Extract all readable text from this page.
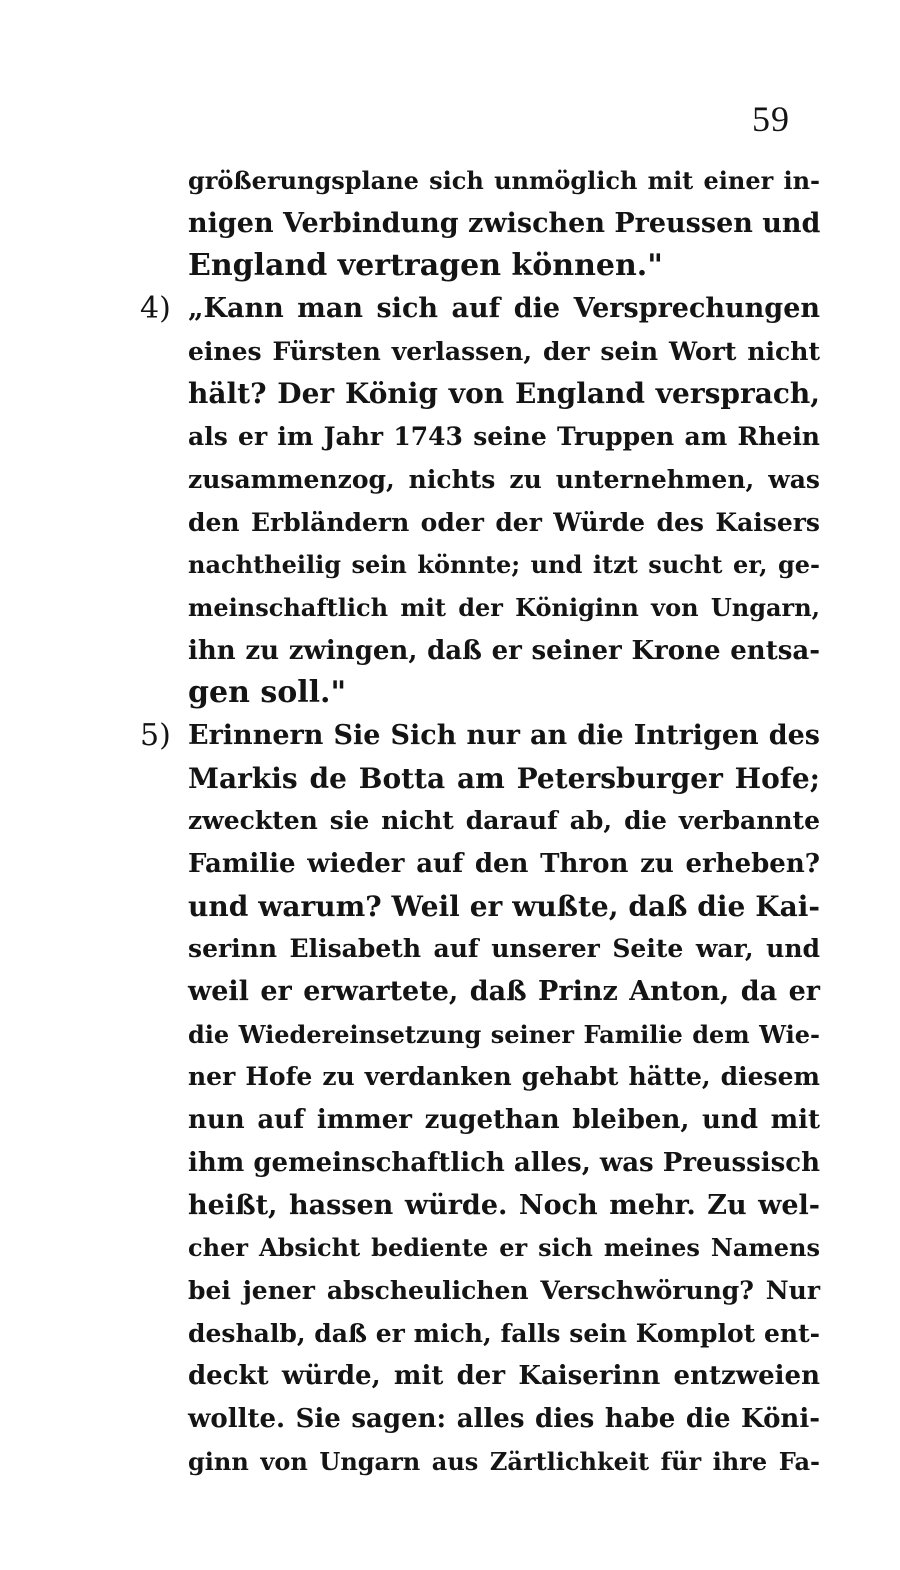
59
größerungsplane sich unmöglich mit einer in-
nigen Verbindung zwischen Preussen und
England vertragen können."
4) „Kann man sich auf die Versprechungen
eines Fürsten verlassen, der sein Wort nicht
hält? Der König von England versprach,
als er im Jahr 1743 seine Truppen am Rhein
zusammenzog, nichts zu unternehmen, was
den Erbländern oder der Würde des Kaisers
nachtheilig sein könnte; und itzt sucht er, ge-
meinschaftlich mit der Königinn von Ungarn,
ihn zu zwingen, daß er seiner Krone entsa-
gen soll."
5) Erinnern Sie Sich nur an die Intrigen des
Markis de Botta am Petersburger Hofe;
zweckten sie nicht darauf ab, die verbannte
Familie wieder auf den Thron zu erheben?
und warum? Weil er wußte, daß die Kai-
serinn Elisabeth auf unserer Seite war, und
weil er erwartete, daß Prinz Anton, da er
die Wiedereinsetzung seiner Familie dem Wie-
ner Hofe zu verdanken gehabt hätte, diesem
nun auf immer zugethan bleiben, und mit
ihm gemeinschaftlich alles, was Preussisch
heißt, hassen würde. Noch mehr. Zu wel-
cher Absicht bediente er sich meines Namens
bei jener abscheulichen Verschwörung? Nur
deshalb, daß er mich, falls sein Komplot ent-
deckt würde, mit der Kaiserinn entzweien
wollte. Sie sagen: alles dies habe die Köni-
ginn von Ungarn aus Zärtlichkeit für ihre Fa-
